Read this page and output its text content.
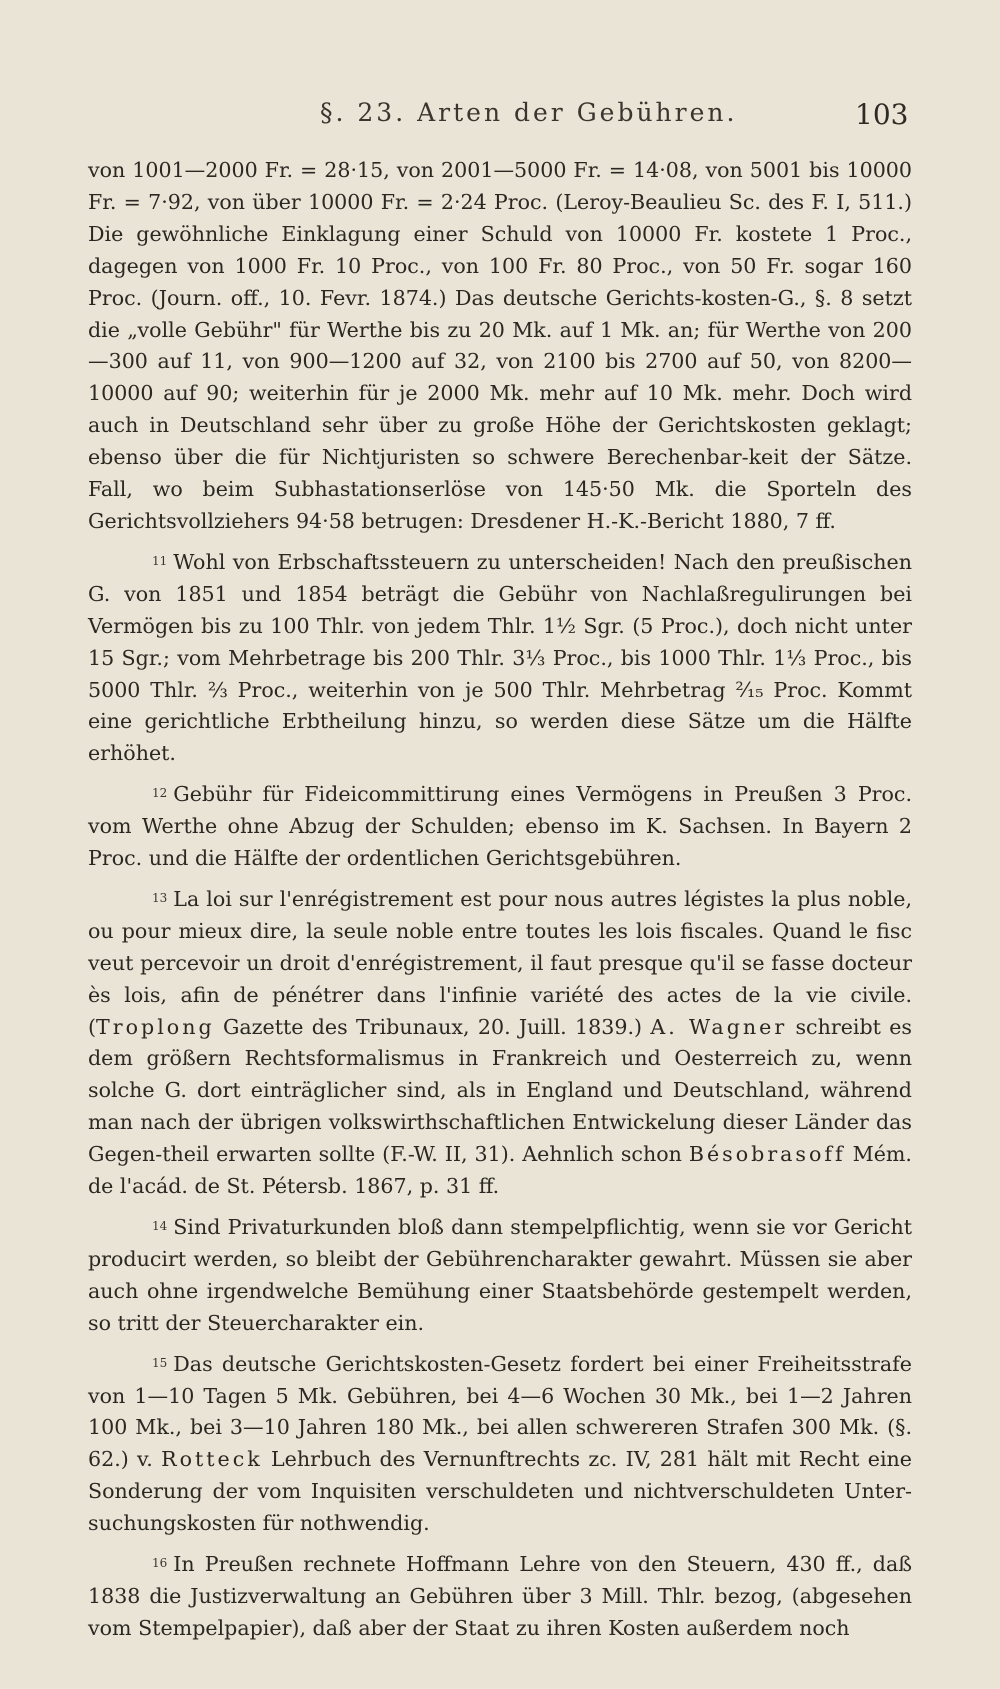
§. 23. Arten der Gebühren.	103

von 1001—2000 Fr. = 28·15, von 2001—5000 Fr. = 14·08, von 5001 bis 10000 Fr. = 7·92, von über 10000 Fr. = 2·24 Proc. (Leroy-Beaulieu Sc. des F. I, 511.) Die gewöhnliche Einklagung einer Schuld von 10000 Fr. kostete 1 Proc., dagegen von 1000 Fr. 10 Proc., von 100 Fr. 80 Proc., von 50 Fr. sogar 160 Proc. (Journ. off., 10. Fevr. 1874.) Das deutsche Gerichts-kosten-G., §. 8 setzt die „volle Gebühr" für Werthe bis zu 20 Mk. auf 1 Mk. an; für Werthe von 200—300 auf 11, von 900—1200 auf 32, von 2100 bis 2700 auf 50, von 8200—10000 auf 90; weiterhin für je 2000 Mk. mehr auf 10 Mk. mehr. Doch wird auch in Deutschland sehr über zu große Höhe der Gerichtskosten geklagt; ebenso über die für Nichtjuristen so schwere Berechenbar-keit der Sätze. Fall, wo beim Subhastationserlöse von 145·50 Mk. die Sporteln des Gerichtsvollziehers 94·58 betrugen: Dresdener H.-K.-Bericht 1880, 7 ff.

11 Wohl von Erbschaftssteuern zu unterscheiden! Nach den preußischen G. von 1851 und 1854 beträgt die Gebühr von Nachlaßregulirungen bei Vermögen bis zu 100 Thlr. von jedem Thlr. 1½ Sgr. (5 Proc.), doch nicht unter 15 Sgr.; vom Mehrbetrage bis 200 Thlr. 3⅓ Proc., bis 1000 Thlr. 1⅓ Proc., bis 5000 Thlr. ⅔ Proc., weiterhin von je 500 Thlr. Mehrbetrag ²⁄₁₅ Proc. Kommt eine gerichtliche Erbtheilung hinzu, so werden diese Sätze um die Hälfte erhöhet.

12 Gebühr für Fideicommittirung eines Vermögens in Preußen 3 Proc. vom Werthe ohne Abzug der Schulden; ebenso im K. Sachsen. In Bayern 2 Proc. und die Hälfte der ordentlichen Gerichtsgebühren.

13 La loi sur l'enrégistrement est pour nous autres légistes la plus noble, ou pour mieux dire, la seule noble entre toutes les lois fiscales. Quand le fisc veut percevoir un droit d'enrégistrement, il faut presque qu'il se fasse docteur ès lois, afin de pénétrer dans l'infinie variété des actes de la vie civile. (Troplong Gazette des Tribunaux, 20. Juill. 1839.) A. Wagner schreibt es dem größern Rechtsformalismus in Frankreich und Oesterreich zu, wenn solche G. dort einträglicher sind, als in England und Deutschland, während man nach der übrigen volkswirthschaftlichen Entwickelung dieser Länder das Gegen-theil erwarten sollte (F.-W. II, 31). Aehnlich schon Bésobrasoff Mém. de l'acád. de St. Pétersb. 1867, p. 31 ff.

14 Sind Privaturkunden bloß dann stempelpflichtig, wenn sie vor Gericht producirt werden, so bleibt der Gebührencharakter gewahrt. Müssen sie aber auch ohne irgendwelche Bemühung einer Staatsbehörde gestempelt werden, so tritt der Steuercharakter ein.

15 Das deutsche Gerichtskosten-Gesetz fordert bei einer Freiheitsstrafe von 1—10 Tagen 5 Mk. Gebühren, bei 4—6 Wochen 30 Mk., bei 1—2 Jahren 100 Mk., bei 3—10 Jahren 180 Mk., bei allen schwereren Strafen 300 Mk. (§. 62.) v. Rotteck Lehrbuch des Vernunftrechts zc. IV, 281 hält mit Recht eine Sonderung der vom Inquisiten verschuldeten und nichtverschuldeten Unter-suchungskosten für nothwendig.

16 In Preußen rechnete Hoffmann Lehre von den Steuern, 430 ff., daß 1838 die Justizverwaltung an Gebühren über 3 Mill. Thlr. bezog, (abgesehen vom Stempelpapier), daß aber der Staat zu ihren Kosten außerdem noch
